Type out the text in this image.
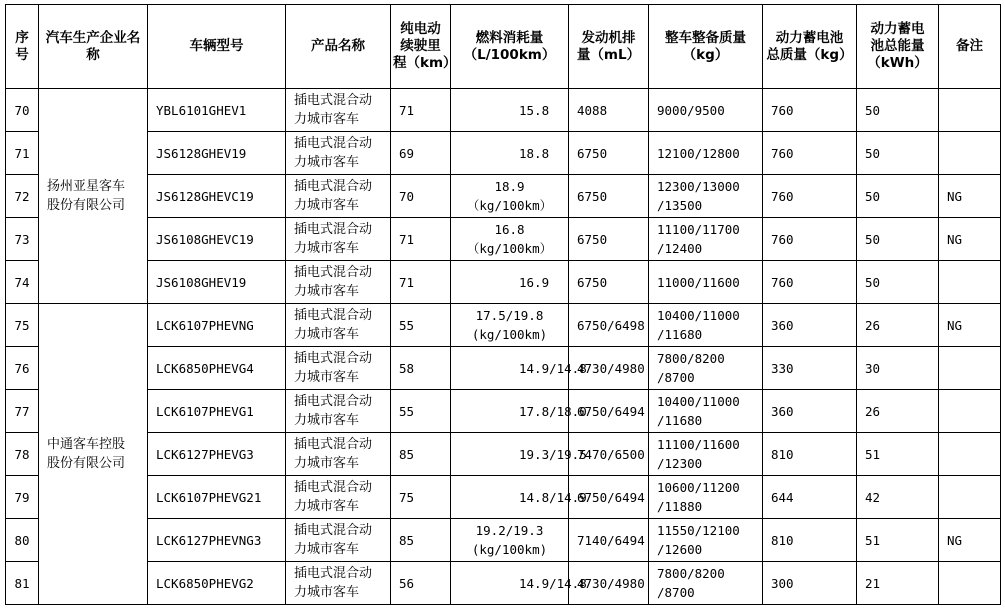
序
号	汽车生产企业名称	车辆型号	产品名称	纯电动
续驶里
程（km）	燃料消耗量
（L/100km）	发动机排
量（mL）	整车整备质量
（kg）	动力蓄电池
总质量（kg）	动力蓄电
池总能量
（kWh）	备注
70	扬州亚星客车
股份有限公司	YBL6101GHEV1	插电式混合动
力城市客车	71	15.8	4088	9000/9500	760	50	
71		JS6128GHEV19	插电式混合动
力城市客车	69	18.8	6750	12100/12800	760	50	
72		JS6128GHEVC19	插电式混合动
力城市客车	70	18.9
（kg/100km）	6750	12300/13000
/13500	760	50	NG
73		JS6108GHEVC19	插电式混合动
力城市客车	71	16.8
（kg/100km）	6750	11100/11700
/12400	760	50	NG
74		JS6108GHEV19	插电式混合动
力城市客车	71	16.9	6750	11000/11600	760	50	
75	中通客车控股
股份有限公司	LCK6107PHEVNG	插电式混合动
力城市客车	55	17.5/19.8
(kg/100km)	6750/6498	10400/11000
/11680	360	26	NG
76		LCK6850PHEVG4	插电式混合动
力城市客车	58	14.9/14.8	4730/4980	7800/8200
/8700	330	30	
77		LCK6107PHEVG1	插电式混合动
力城市客车	55	17.8/18.0	6750/6494	10400/11000
/11680	360	26	
78		LCK6127PHEVG3	插电式混合动
力城市客车	85	19.3/19.5	7470/6500	11100/11600
/12300	810	51	
79		LCK6107PHEVG21	插电式混合动
力城市客车	75	14.8/14.9	6750/6494	10600/11200
/11880	644	42	
80		LCK6127PHEVNG3	插电式混合动
力城市客车	85	19.2/19.3
(kg/100km)	7140/6494	11550/12100
/12600	810	51	NG
81		LCK6850PHEVG2	插电式混合动
力城市客车	56	14.9/14.8	4730/4980	7800/8200
/8700	300	21	
